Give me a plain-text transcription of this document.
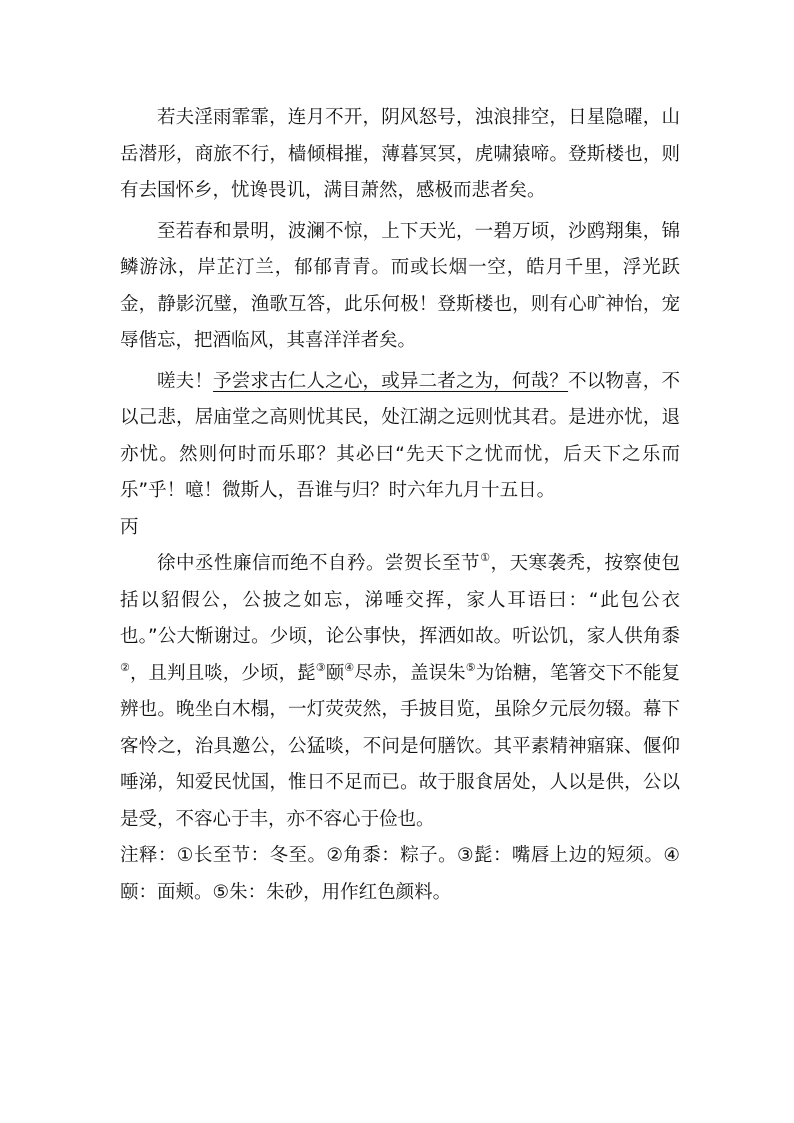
若夫淫雨霏霏，连月不开，阴风怒号，浊浪排空，日星隐曜，山岳潜形，商旅不行，樯倾楫摧，薄暮冥冥，虎啸猿啼。登斯楼也，则有去国怀乡，忧谗畏讥，满目萧然，感极而悲者矣。

至若春和景明，波澜不惊，上下天光，一碧万顷，沙鸥翔集，锦鳞游泳，岸芷汀兰，郁郁青青。而或长烟一空，皓月千里，浮光跃金，静影沉璧，渔歌互答，此乐何极！登斯楼也，则有心旷神怡，宠辱偕忘，把酒临风，其喜洋洋者矣。

嗟夫！予尝求古仁人之心，或异二者之为，何哉？不以物喜，不以己悲，居庙堂之高则忧其民，处江湖之远则忧其君。是进亦忧，退亦忧。然则何时而乐耶？其必曰“先天下之忧而忧，后天下之乐而乐”乎！噫！微斯人，吾谁与归？时六年九月十五日。

丙

徐中丞性廉信而绝不自矜。尝贺长至节①，天寒袭秃，按察使包括以貂假公，公披之如忘，涕唾交挥，家人耳语曰：“此包公衣也。”公大惭谢过。少顷，论公事快，挥洒如故。听讼饥，家人供角黍②，且判且啖，少顷，髭③颐④尽赤，盖误朱⑤为饴糖，笔箸交下不能复辨也。晚坐白木榻，一灯荧荧然，手披目览，虽除夕元辰勿辍。幕下客怜之，治具邀公，公猛啖，不问是何膳饮。其平素精神寤寐、偃仰唾涕，知爱民忧国，惟日不足而已。故于服食居处，人以是供，公以是受，不容心于丰，亦不容心于俭也。

注释：①长至节：冬至。②角黍：粽子。③髭：嘴唇上边的短须。④颐：面颊。⑤朱：朱砂，用作红色颜料。
